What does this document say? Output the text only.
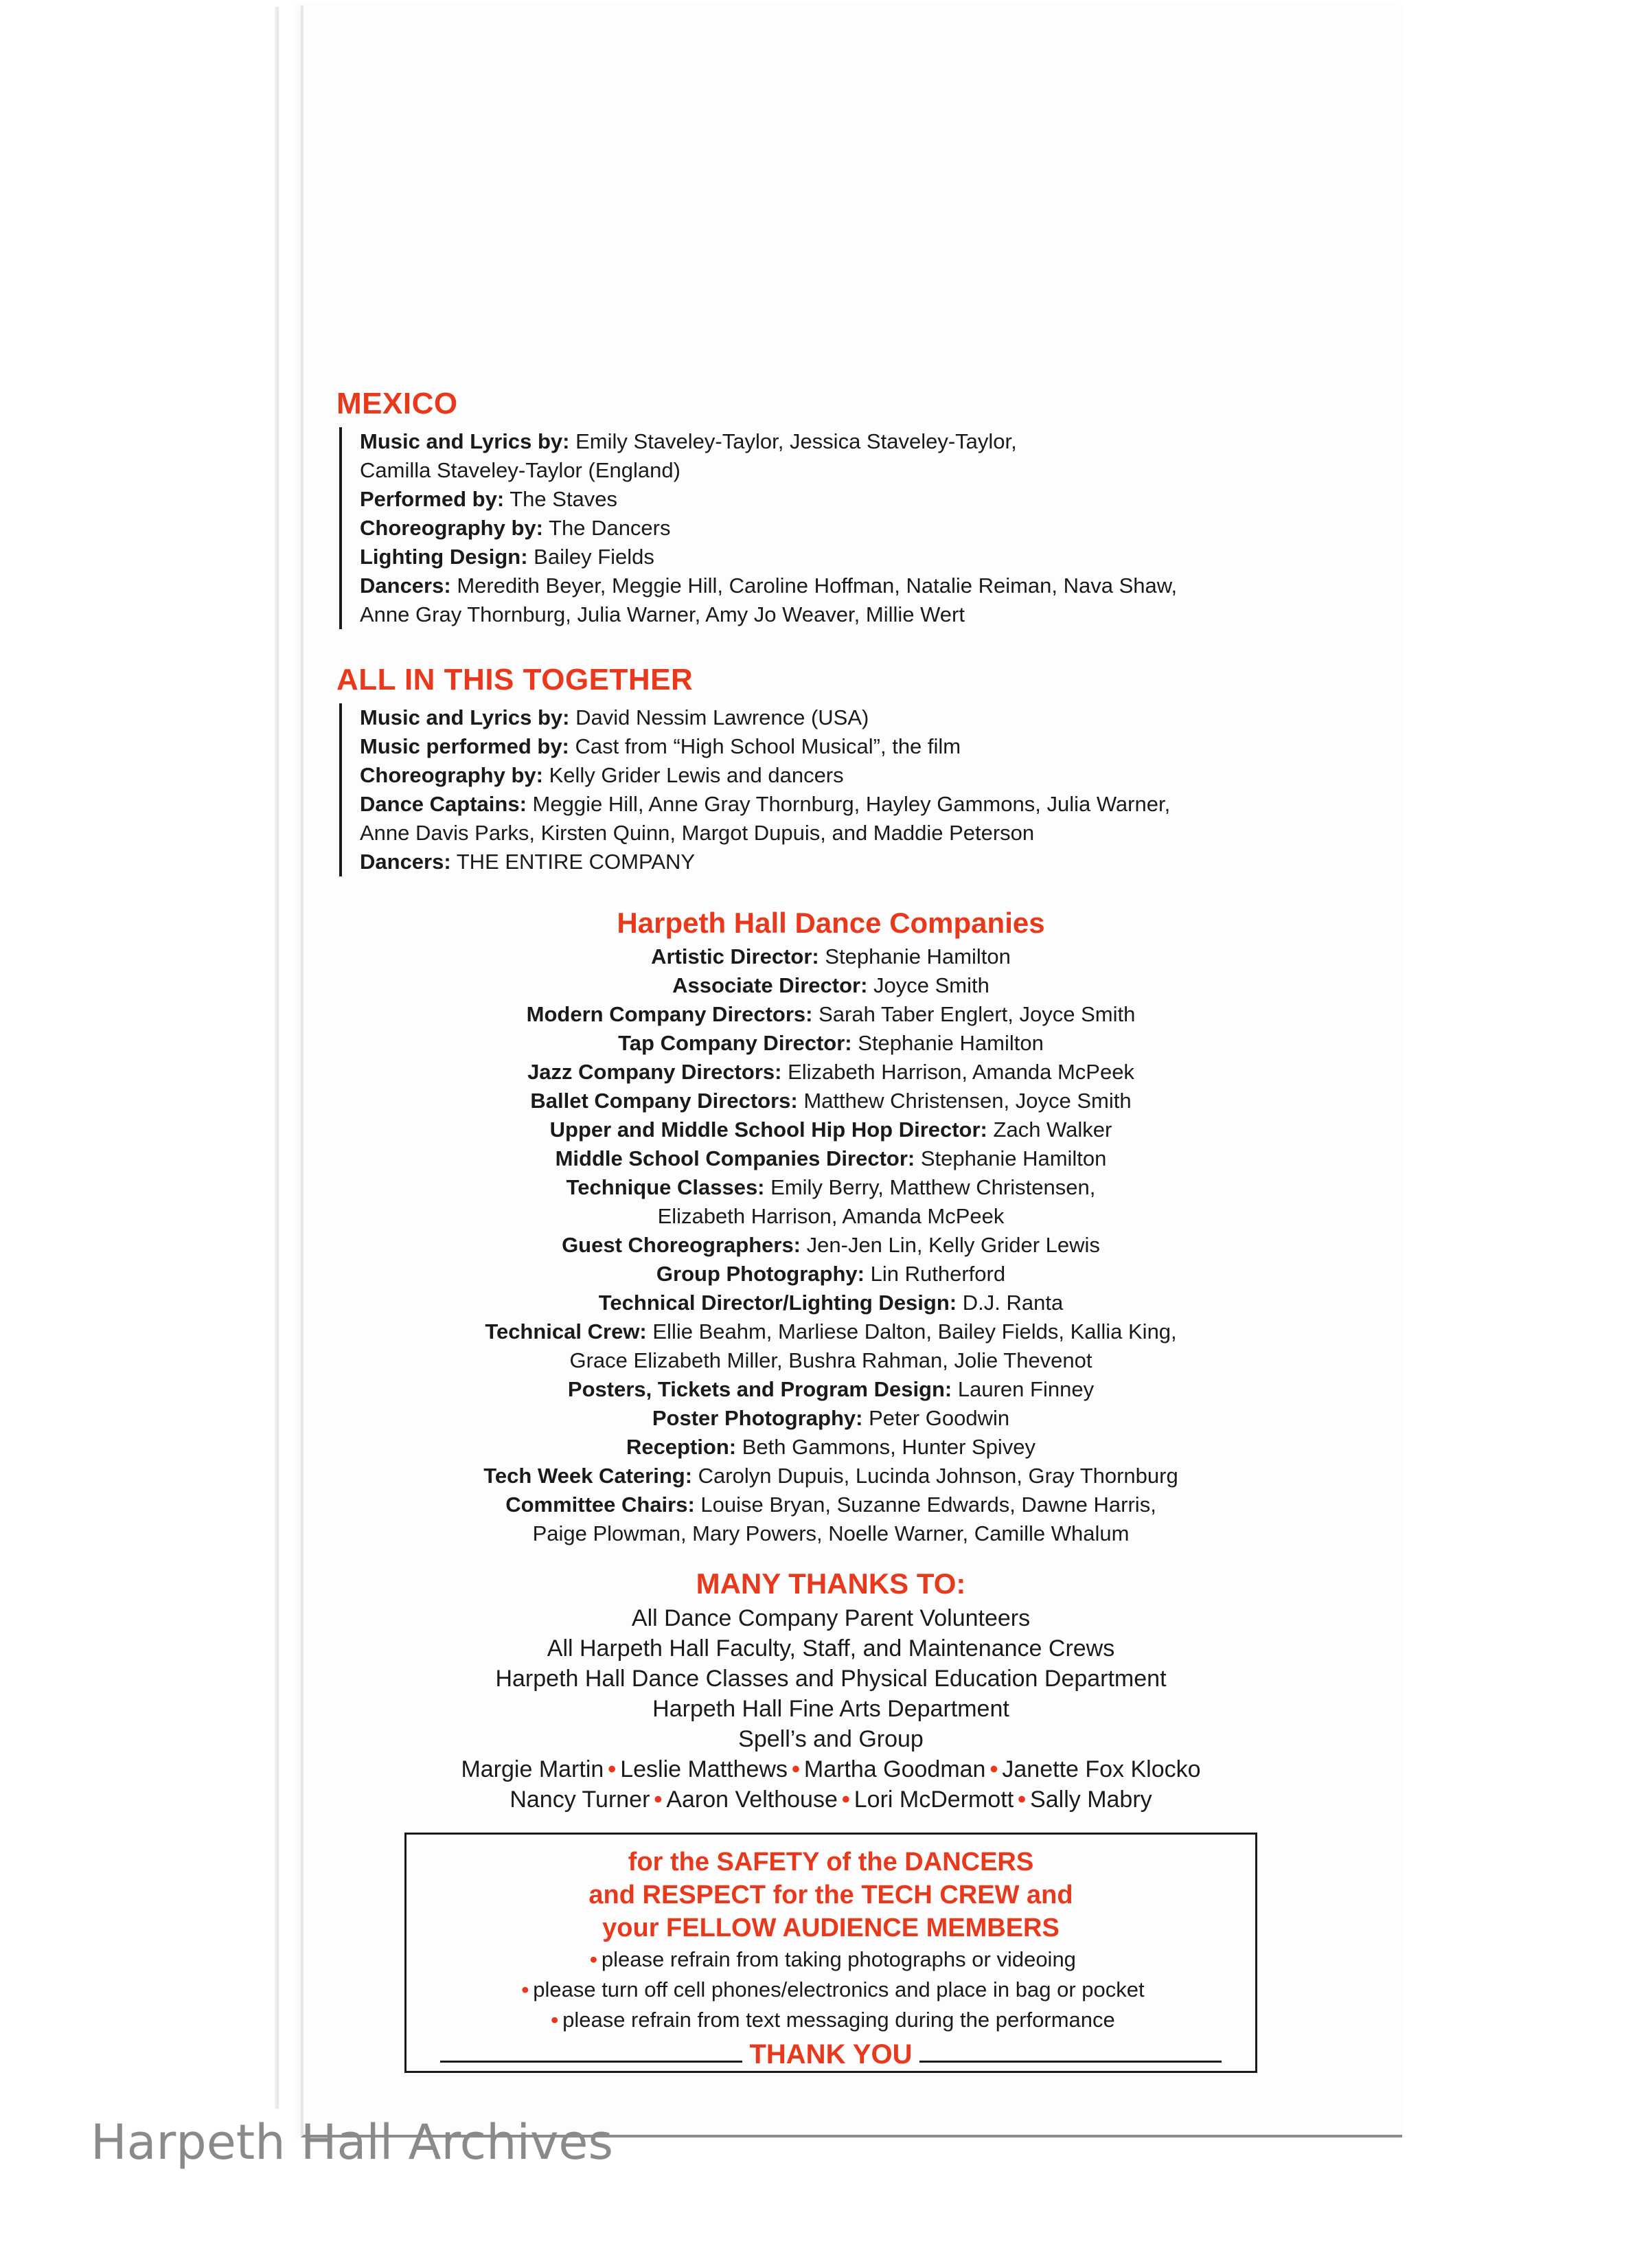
MEXICO
Music and Lyrics by: Emily Staveley-Taylor, Jessica Staveley-Taylor,
Camilla Staveley-Taylor (England)
Performed by: The Staves
Choreography by: The Dancers
Lighting Design: Bailey Fields
Dancers: Meredith Beyer, Meggie Hill, Caroline Hoffman, Natalie Reiman, Nava Shaw,
Anne Gray Thornburg, Julia Warner, Amy Jo Weaver, Millie Wert
ALL IN THIS TOGETHER
Music and Lyrics by: David Nessim Lawrence (USA)
Music performed by: Cast from “High School Musical”, the film
Choreography by: Kelly Grider Lewis and dancers
Dance Captains: Meggie Hill, Anne Gray Thornburg, Hayley Gammons, Julia Warner,
Anne Davis Parks, Kirsten Quinn, Margot Dupuis, and Maddie Peterson
Dancers: THE ENTIRE COMPANY
Harpeth Hall Dance Companies
Artistic Director: Stephanie Hamilton
Associate Director: Joyce Smith
Modern Company Directors: Sarah Taber Englert, Joyce Smith
Tap Company Director: Stephanie Hamilton
Jazz Company Directors: Elizabeth Harrison, Amanda McPeek
Ballet Company Directors: Matthew Christensen, Joyce Smith
Upper and Middle School Hip Hop Director: Zach Walker
Middle School Companies Director: Stephanie Hamilton
Technique Classes: Emily Berry, Matthew Christensen,
Elizabeth Harrison, Amanda McPeek
Guest Choreographers: Jen-Jen Lin, Kelly Grider Lewis
Group Photography: Lin Rutherford
Technical Director/Lighting Design: D.J. Ranta
Technical Crew: Ellie Beahm, Marliese Dalton, Bailey Fields, Kallia King,
Grace Elizabeth Miller, Bushra Rahman, Jolie Thevenot
Posters, Tickets and Program Design: Lauren Finney
Poster Photography: Peter Goodwin
Reception: Beth Gammons, Hunter Spivey
Tech Week Catering: Carolyn Dupuis, Lucinda Johnson, Gray Thornburg
Committee Chairs: Louise Bryan, Suzanne Edwards, Dawne Harris,
Paige Plowman, Mary Powers, Noelle Warner, Camille Whalum
MANY THANKS TO:
All Dance Company Parent Volunteers
All Harpeth Hall Faculty, Staff, and Maintenance Crews
Harpeth Hall Dance Classes and Physical Education Department
Harpeth Hall Fine Arts Department
Spell’s and Group
Margie Martin • Leslie Matthews • Martha Goodman • Janette Fox Klocko
Nancy Turner • Aaron Velthouse • Lori McDermott • Sally Mabry
for the SAFETY of the DANCERS
and RESPECT for the TECH CREW and
your FELLOW AUDIENCE MEMBERS
• please refrain from taking photographs or videoing
• please turn off cell phones/electronics and place in bag or pocket
• please refrain from text messaging during the performance
THANK YOU
Harpeth Hall Archives
